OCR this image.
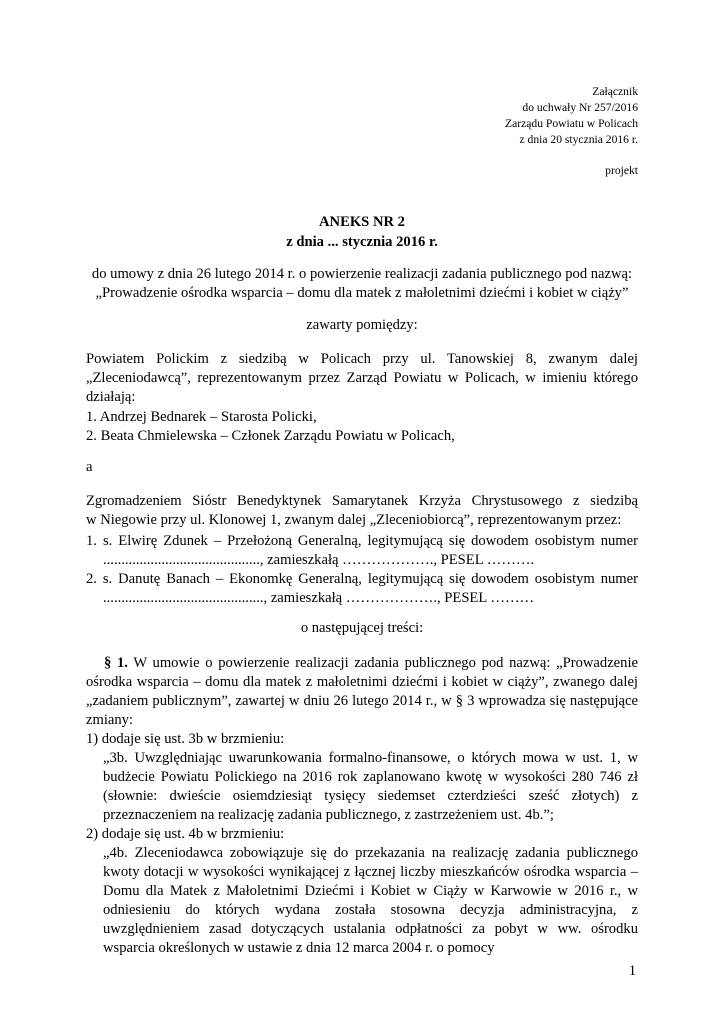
Załącznik
do uchwały Nr 257/2016
Zarządu Powiatu w Policach
z dnia 20 stycznia 2016 r.
projekt
ANEKS NR 2
z dnia ... stycznia 2016 r.
do umowy z dnia 26 lutego 2014 r. o powierzenie realizacji zadania publicznego pod nazwą:
„Prowadzenie ośrodka wsparcia – domu dla matek z małoletnimi dziećmi i kobiet w ciąży”
zawarty pomiędzy:
Powiatem Polickim z siedzibą w Policach przy ul. Tanowskiej 8, zwanym dalej
„Zleceniodawcą”, reprezentowanym przez Zarząd Powiatu w Policach, w imieniu którego
działają:
1. Andrzej Bednarek – Starosta Policki,
2. Beata Chmielewska – Członek Zarządu Powiatu w Policach,
a
Zgromadzeniem Sióstr Benedyktynek Samarytanek Krzyża Chrystusowego z siedzibą
w Niegowie przy ul. Klonowej 1, zwanym dalej „Zleceniobiorcą”, reprezentowanym przez:
1. s. Elwirę Zdunek – Przełożoną Generalną, legitymującą się dowodem osobistym numer
..........................................., zamieszkałą ………………., PESEL ……….
2. s. Danutę Banach – Ekonomkę Generalną, legitymującą się dowodem osobistym numer
............................................, zamieszkałą ………………., PESEL ………
o następującej treści:
§ 1. W umowie o powierzenie realizacji zadania publicznego pod nazwą: „Prowadzenie ośrodka wsparcia – domu dla matek z małoletnimi dziećmi i kobiet w ciąży”, zwanego dalej „zadaniem publicznym”, zawartej w dniu 26 lutego 2014 r., w § 3 wprowadza się następujące zmiany:
1) dodaje się ust. 3b w brzmieniu:
„3b. Uwzględniając uwarunkowania formalno-finansowe, o których mowa w ust. 1, w budżecie Powiatu Polickiego na 2016 rok zaplanowano kwotę w wysokości 280 746 zł (słownie: dwieście osiemdziesiąt tysięcy siedemset czterdzieści sześć złotych) z przeznaczeniem na realizację zadania publicznego, z zastrzeżeniem ust. 4b.”;
2) dodaje się ust. 4b w brzmieniu:
„4b. Zleceniodawca zobowiązuje się do przekazania na realizację zadania publicznego kwoty dotacji w wysokości wynikającej z łącznej liczby mieszkańców ośrodka wsparcia – Domu dla Matek z Małoletnimi Dziećmi i Kobiet w Ciąży w Karwowie w 2016 r., w odniesieniu do których wydana została stosowna decyzja administracyjna, z uwzględnieniem zasad dotyczących ustalania odpłatności za pobyt w ww. ośrodku wsparcia określonych w ustawie z dnia 12 marca 2004 r. o pomocy
1
